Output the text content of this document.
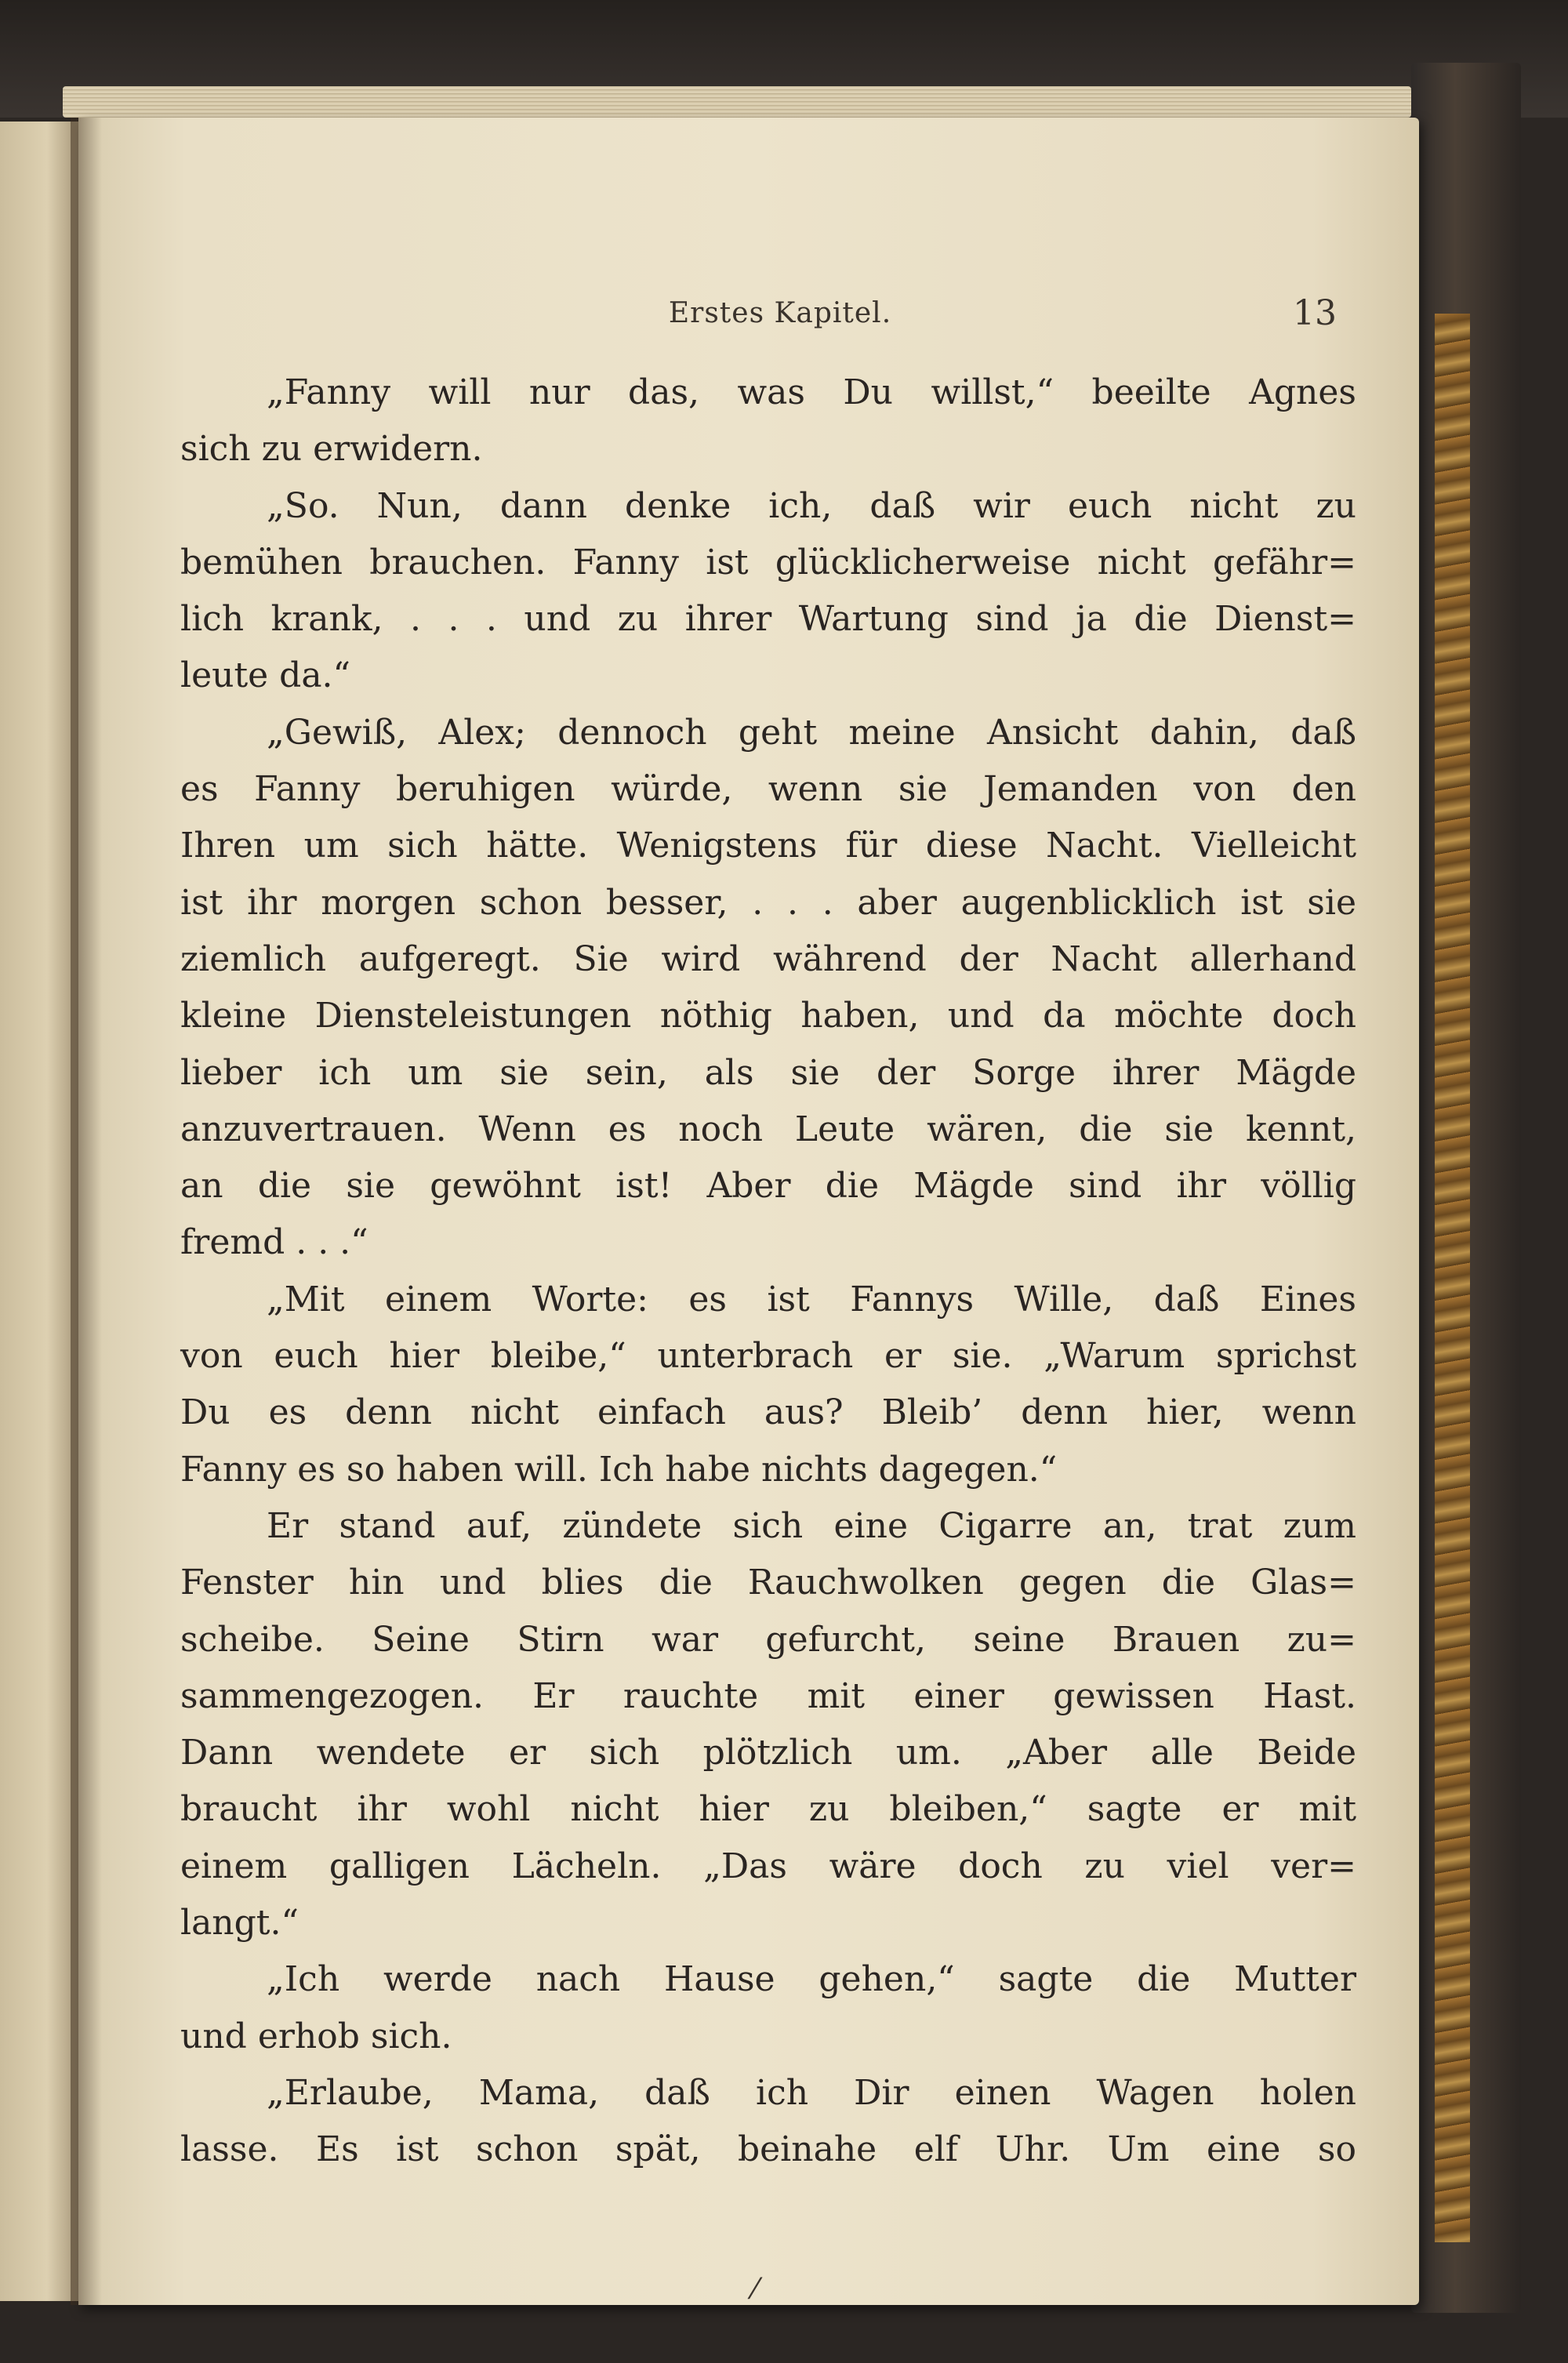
Erstes Kapitel.	13
„Fanny will nur das, was Du willst,“ beeilte Agnes
sich zu erwidern.
„So. Nun, dann denke ich, daß wir euch nicht zu
bemühen brauchen. Fanny ist glücklicherweise nicht gefähr=
lich krank, . . . und zu ihrer Wartung sind ja die Dienst=
leute da.“
„Gewiß, Alex; dennoch geht meine Ansicht dahin, daß
es Fanny beruhigen würde, wenn sie Jemanden von den
Ihren um sich hätte. Wenigstens für diese Nacht. Vielleicht
ist ihr morgen schon besser, . . . aber augenblicklich ist sie
ziemlich aufgeregt. Sie wird während der Nacht allerhand
kleine Diensteleistungen nöthig haben, und da möchte doch
lieber ich um sie sein, als sie der Sorge ihrer Mägde
anzuvertrauen. Wenn es noch Leute wären, die sie kennt,
an die sie gewöhnt ist! Aber die Mägde sind ihr völlig
fremd . . .“
„Mit einem Worte: es ist Fannys Wille, daß Eines
von euch hier bleibe,“ unterbrach er sie. „Warum sprichst
Du es denn nicht einfach aus? Bleib’ denn hier, wenn
Fanny es so haben will. Ich habe nichts dagegen.“
Er stand auf, zündete sich eine Cigarre an, trat zum
Fenster hin und blies die Rauchwolken gegen die Glas=
scheibe. Seine Stirn war gefurcht, seine Brauen zu=
sammengezogen. Er rauchte mit einer gewissen Hast.
Dann wendete er sich plötzlich um. „Aber alle Beide
braucht ihr wohl nicht hier zu bleiben,“ sagte er mit
einem galligen Lächeln. „Das wäre doch zu viel ver=
langt.“
„Ich werde nach Hause gehen,“ sagte die Mutter
und erhob sich.
„Erlaube, Mama, daß ich Dir einen Wagen holen
lasse. Es ist schon spät, beinahe elf Uhr. Um eine so
⁄
